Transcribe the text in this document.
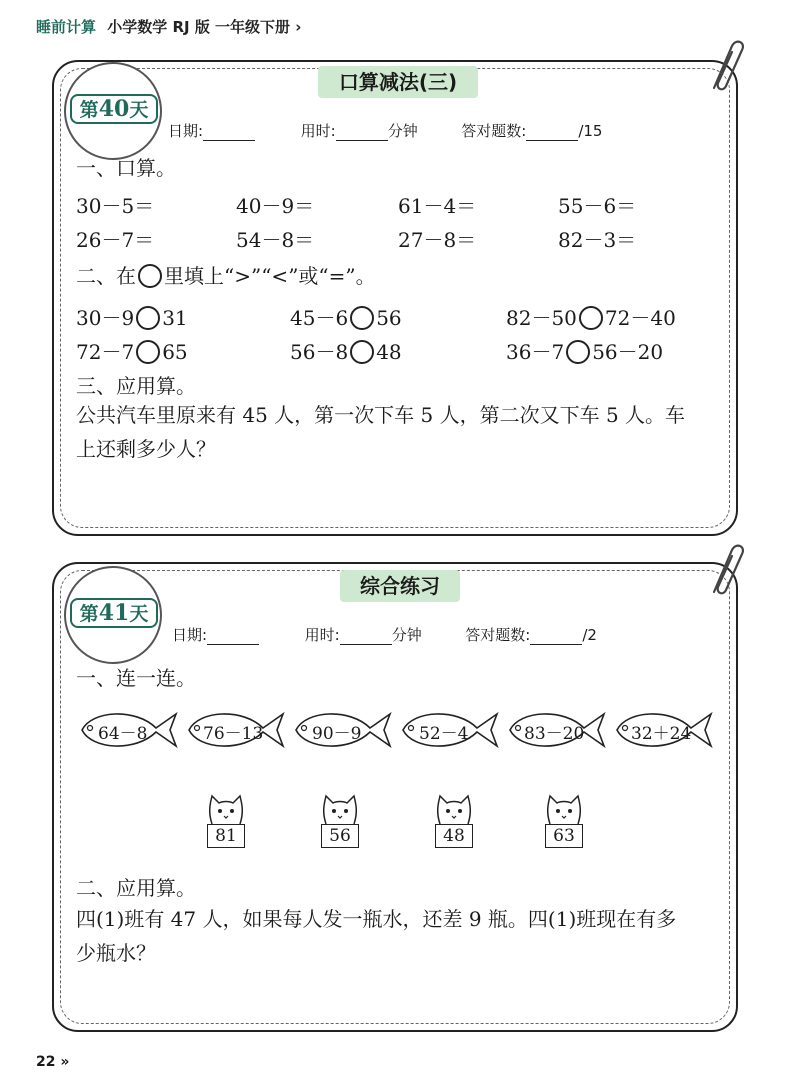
睡前计算 小学数学 RJ 版 一年级下册 ›
第40天
口算减法(三)
日期:	用时:	分钟	答对题数:	/15
一、口算。
30－5＝	40－9＝	61－4＝	55－6＝
26－7＝	54－8＝	27－8＝	82－3＝
二、在 里填上“>”“<”或“=”。
30－9 31	45－6 56	82－50 72－40
72－7 65	56－8 48	36－7 56－20
三、应用算。
公共汽车里原来有 45 人，第一次下车 5 人，第二次又下车 5 人。车
上还剩多少人？
第41天
综合练习
日期:	用时:	分钟	答对题数:	/2
一、连一连。
64－8	76－13	90－9	52－4	83－20	32＋24
81	56	48	63
二、应用算。
四(1)班有 47 人，如果每人发一瓶水，还差 9 瓶。四(1)班现在有多
少瓶水？
22 »
